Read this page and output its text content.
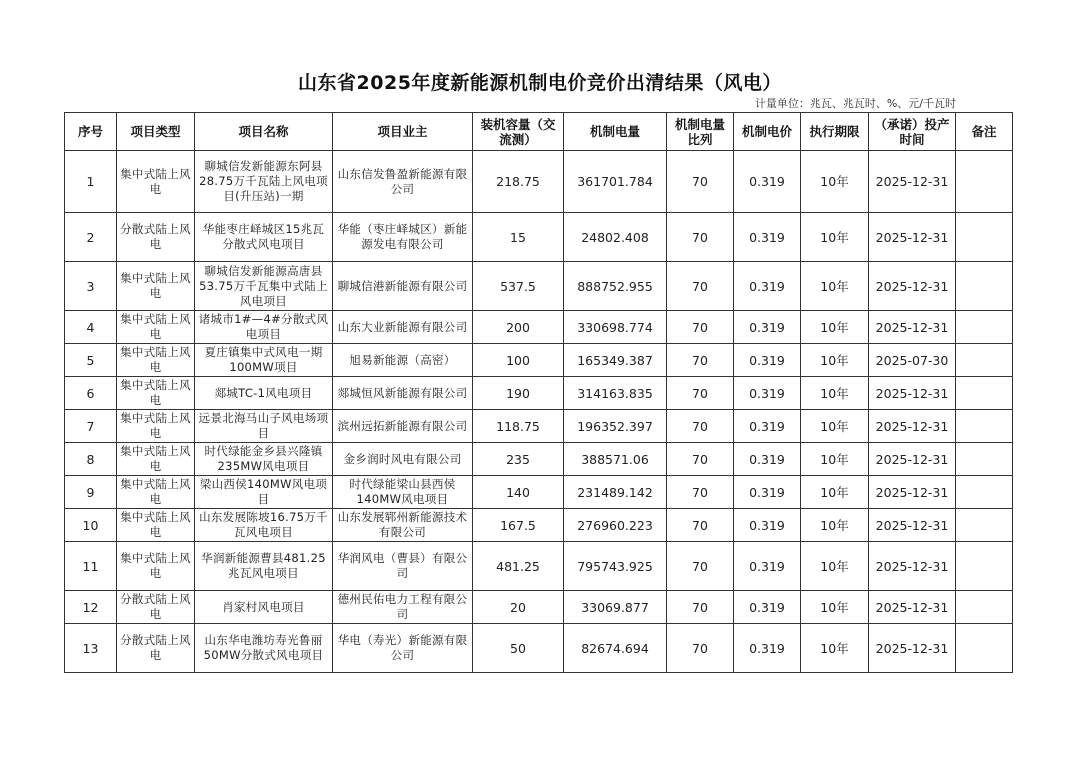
山东省2025年度新能源机制电价竞价出清结果（风电）
计量单位：兆瓦、兆瓦时、%、元/千瓦时
序号	项目类型	项目名称	项目业主	装机容量（交流测）	机制电量	机制电量比列	机制电价	执行期限	（承诺）投产时间	备注
1	集中式陆上风电	聊城信发新能源东阿县28.75万千瓦陆上风电项目(升压站)一期	山东信发鲁盈新能源有限公司	218.75	361701.784	70	0.319	10年	2025-12-31	
2	分散式陆上风电	华能枣庄峄城区15兆瓦分散式风电项目	华能（枣庄峄城区）新能源发电有限公司	15	24802.408	70	0.319	10年	2025-12-31	
3	集中式陆上风电	聊城信发新能源高唐县53.75万千瓦集中式陆上风电项目	聊城信港新能源有限公司	537.5	888752.955	70	0.319	10年	2025-12-31	
4	集中式陆上风电	诸城市1#—4#分散式风电项目	山东大业新能源有限公司	200	330698.774	70	0.319	10年	2025-12-31	
5	集中式陆上风电	夏庄镇集中式风电一期100MW项目	旭易新能源（高密）	100	165349.387	70	0.319	10年	2025-07-30	
6	集中式陆上风电	郯城TC-1风电项目	郯城恒风新能源有限公司	190	314163.835	70	0.319	10年	2025-12-31	
7	集中式陆上风电	远景北海马山子风电场项目	滨州远拓新能源有限公司	118.75	196352.397	70	0.319	10年	2025-12-31	
8	集中式陆上风电	时代绿能金乡县兴隆镇235MW风电项目	金乡润时风电有限公司	235	388571.06	70	0.319	10年	2025-12-31	
9	集中式陆上风电	梁山西侯140MW风电项目	时代绿能梁山县西侯140MW风电项目	140	231489.142	70	0.319	10年	2025-12-31	
10	集中式陆上风电	山东发展陈坡16.75万千瓦风电项目	山东发展郓州新能源技术有限公司	167.5	276960.223	70	0.319	10年	2025-12-31	
11	集中式陆上风电	华润新能源曹县481.25兆瓦风电项目	华润风电（曹县）有限公司	481.25	795743.925	70	0.319	10年	2025-12-31	
12	分散式陆上风电	肖家村风电项目	德州民佑电力工程有限公司	20	33069.877	70	0.319	10年	2025-12-31	
13	分散式陆上风电	山东华电潍坊寿光鲁丽50MW分散式风电项目	华电（寿光）新能源有限公司	50	82674.694	70	0.319	10年	2025-12-31	
